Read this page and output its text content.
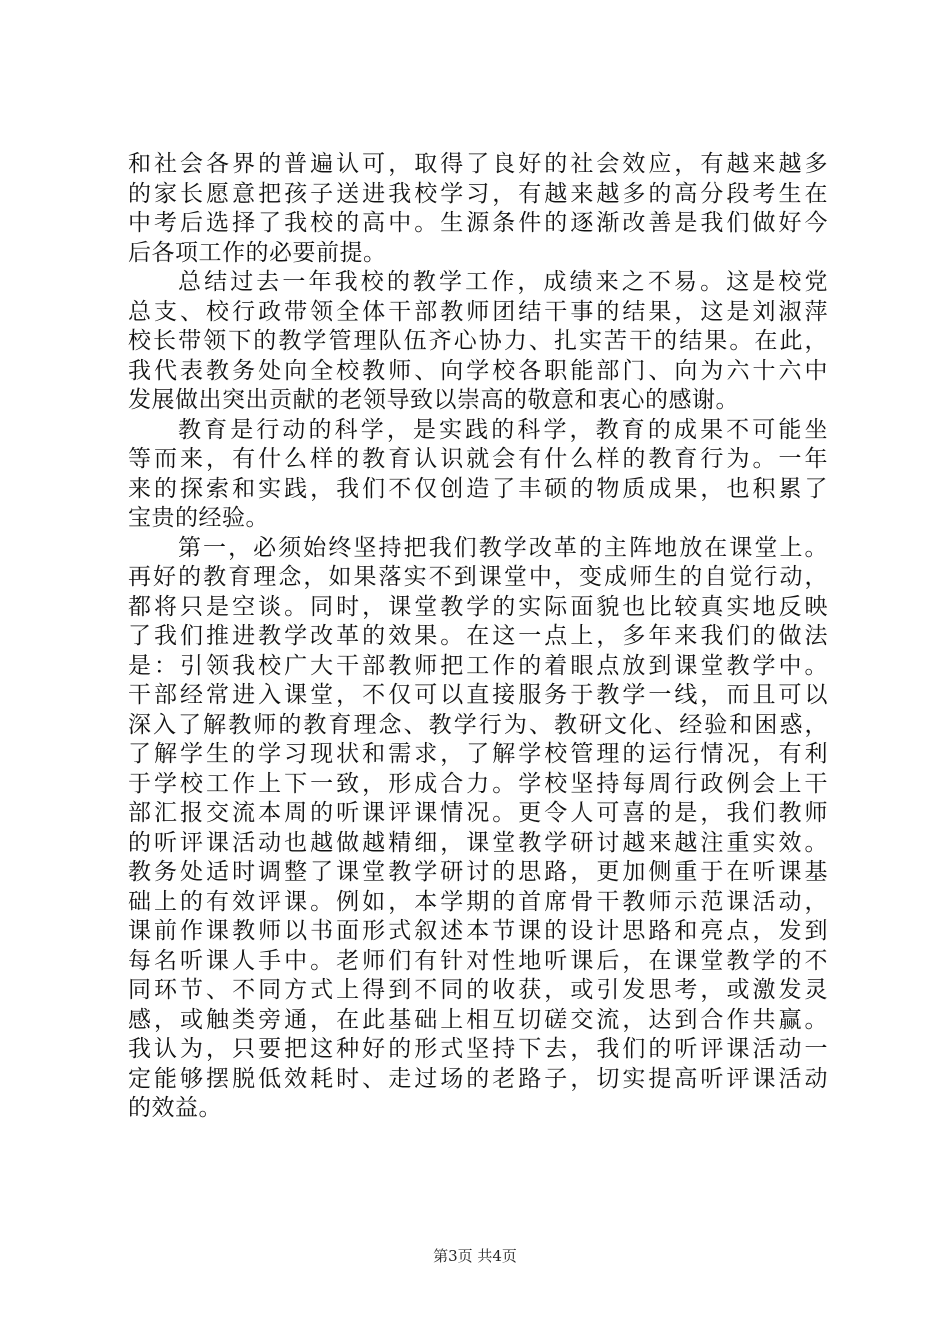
和社会各界的普遍认可，取得了良好的社会效应，有越来越多
的家长愿意把孩子送进我校学习，有越来越多的高分段考生在
中考后选择了我校的高中。生源条件的逐渐改善是我们做好今
后各项工作的必要前提。
总结过去一年我校的教学工作，成绩来之不易。这是校党
总支、校行政带领全体干部教师团结干事的结果，这是刘淑萍
校长带领下的教学管理队伍齐心协力、扎实苦干的结果。在此，
我代表教务处向全校教师、向学校各职能部门、向为六十六中
发展做出突出贡献的老领导致以崇高的敬意和衷心的感谢。
教育是行动的科学，是实践的科学，教育的成果不可能坐
等而来，有什么样的教育认识就会有什么样的教育行为。一年
来的探索和实践，我们不仅创造了丰硕的物质成果，也积累了
宝贵的经验。
第一，必须始终坚持把我们教学改革的主阵地放在课堂上。
再好的教育理念，如果落实不到课堂中，变成师生的自觉行动，
都将只是空谈。同时，课堂教学的实际面貌也比较真实地反映
了我们推进教学改革的效果。在这一点上，多年来我们的做法
是：引领我校广大干部教师把工作的着眼点放到课堂教学中。
干部经常进入课堂，不仅可以直接服务于教学一线，而且可以
深入了解教师的教育理念、教学行为、教研文化、经验和困惑，
了解学生的学习现状和需求，了解学校管理的运行情况，有利
于学校工作上下一致，形成合力。学校坚持每周行政例会上干
部汇报交流本周的听课评课情况。更令人可喜的是，我们教师
的听评课活动也越做越精细，课堂教学研讨越来越注重实效。
教务处适时调整了课堂教学研讨的思路，更加侧重于在听课基
础上的有效评课。例如，本学期的首席骨干教师示范课活动，
课前作课教师以书面形式叙述本节课的设计思路和亮点，发到
每名听课人手中。老师们有针对性地听课后，在课堂教学的不
同环节、不同方式上得到不同的收获，或引发思考，或激发灵
感，或触类旁通，在此基础上相互切磋交流，达到合作共赢。
我认为，只要把这种好的形式坚持下去，我们的听评课活动一
定能够摆脱低效耗时、走过场的老路子，切实提高听评课活动
的效益。
第3页 共4页
